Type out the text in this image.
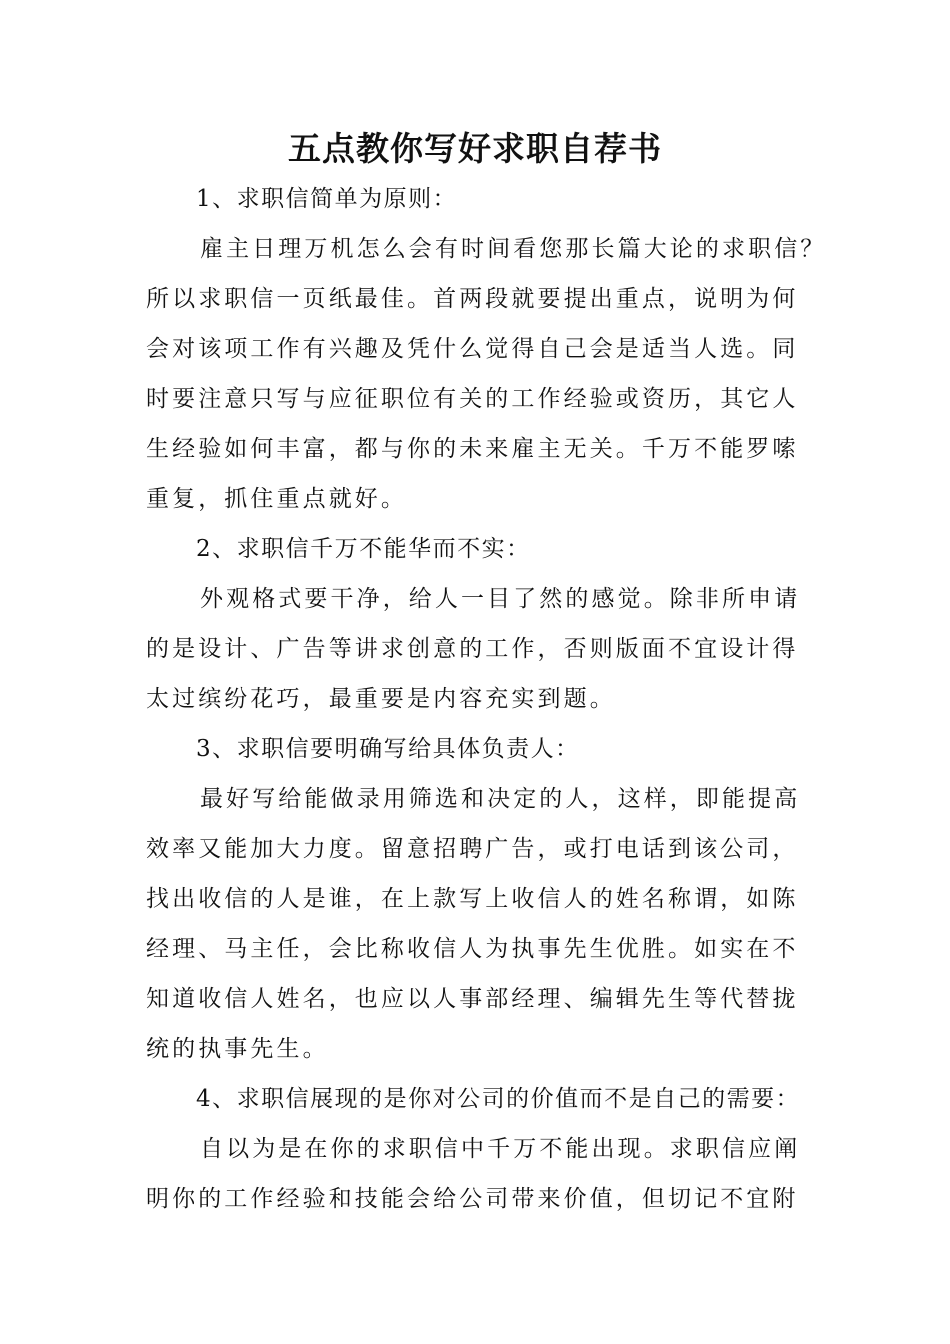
五点教你写好求职自荐书
1、求职信简单为原则：
雇主日理万机怎么会有时间看您那长篇大论的求职信？
所以求职信一页纸最佳。首两段就要提出重点，说明为何
会对该项工作有兴趣及凭什么觉得自己会是适当人选。同
时要注意只写与应征职位有关的工作经验或资历，其它人
生经验如何丰富，都与你的未来雇主无关。千万不能罗嗦
重复，抓住重点就好。
2、求职信千万不能华而不实：
外观格式要干净，给人一目了然的感觉。除非所申请
的是设计、广告等讲求创意的工作，否则版面不宜设计得
太过缤纷花巧，最重要是内容充实到题。
3、求职信要明确写给具体负责人：
最好写给能做录用筛选和决定的人，这样，即能提高
效率又能加大力度。留意招聘广告，或打电话到该公司，
找出收信的人是谁，在上款写上收信人的姓名称谓，如陈
经理、马主任，会比称收信人为执事先生优胜。如实在不
知道收信人姓名，也应以人事部经理、编辑先生等代替拢
统的执事先生。
4、求职信展现的是你对公司的价值而不是自己的需要：
自以为是在你的求职信中千万不能出现。求职信应阐
明你的工作经验和技能会给公司带来价值，但切记不宜附
